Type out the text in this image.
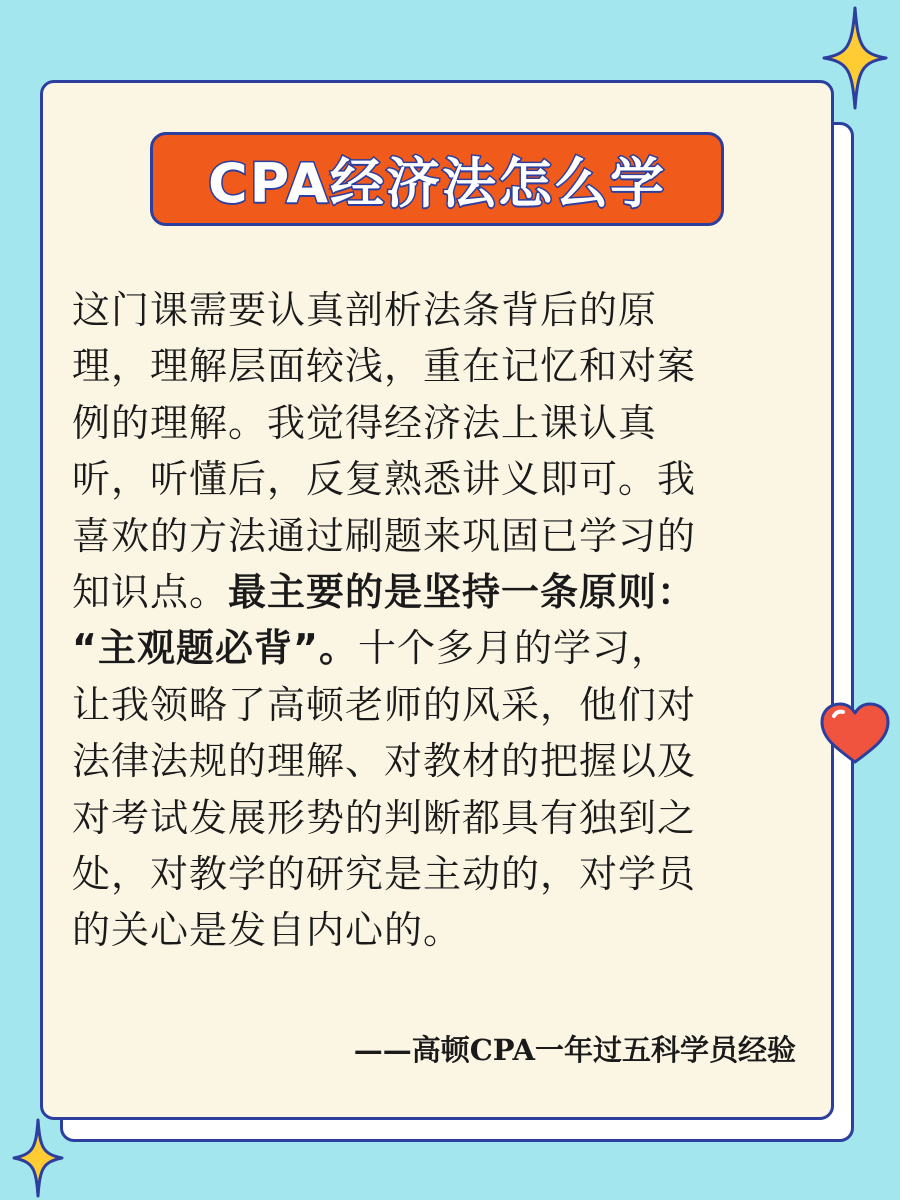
CPA经济法怎么学
这门课需要认真剖析法条背后的原
理，理解层面较浅，重在记忆和对案
例的理解。我觉得经济法上课认真
听，听懂后，反复熟悉讲义即可。我
喜欢的方法通过刷题来巩固已学习的
知识点。最主要的是坚持一条原则：
“主观题必背”。十个多月的学习，
让我领略了高顿老师的风采，他们对
法律法规的理解、对教材的把握以及
对考试发展形势的判断都具有独到之
处，对教学的研究是主动的，对学员
的关心是发自内心的。
——高顿CPA一年过五科学员经验
